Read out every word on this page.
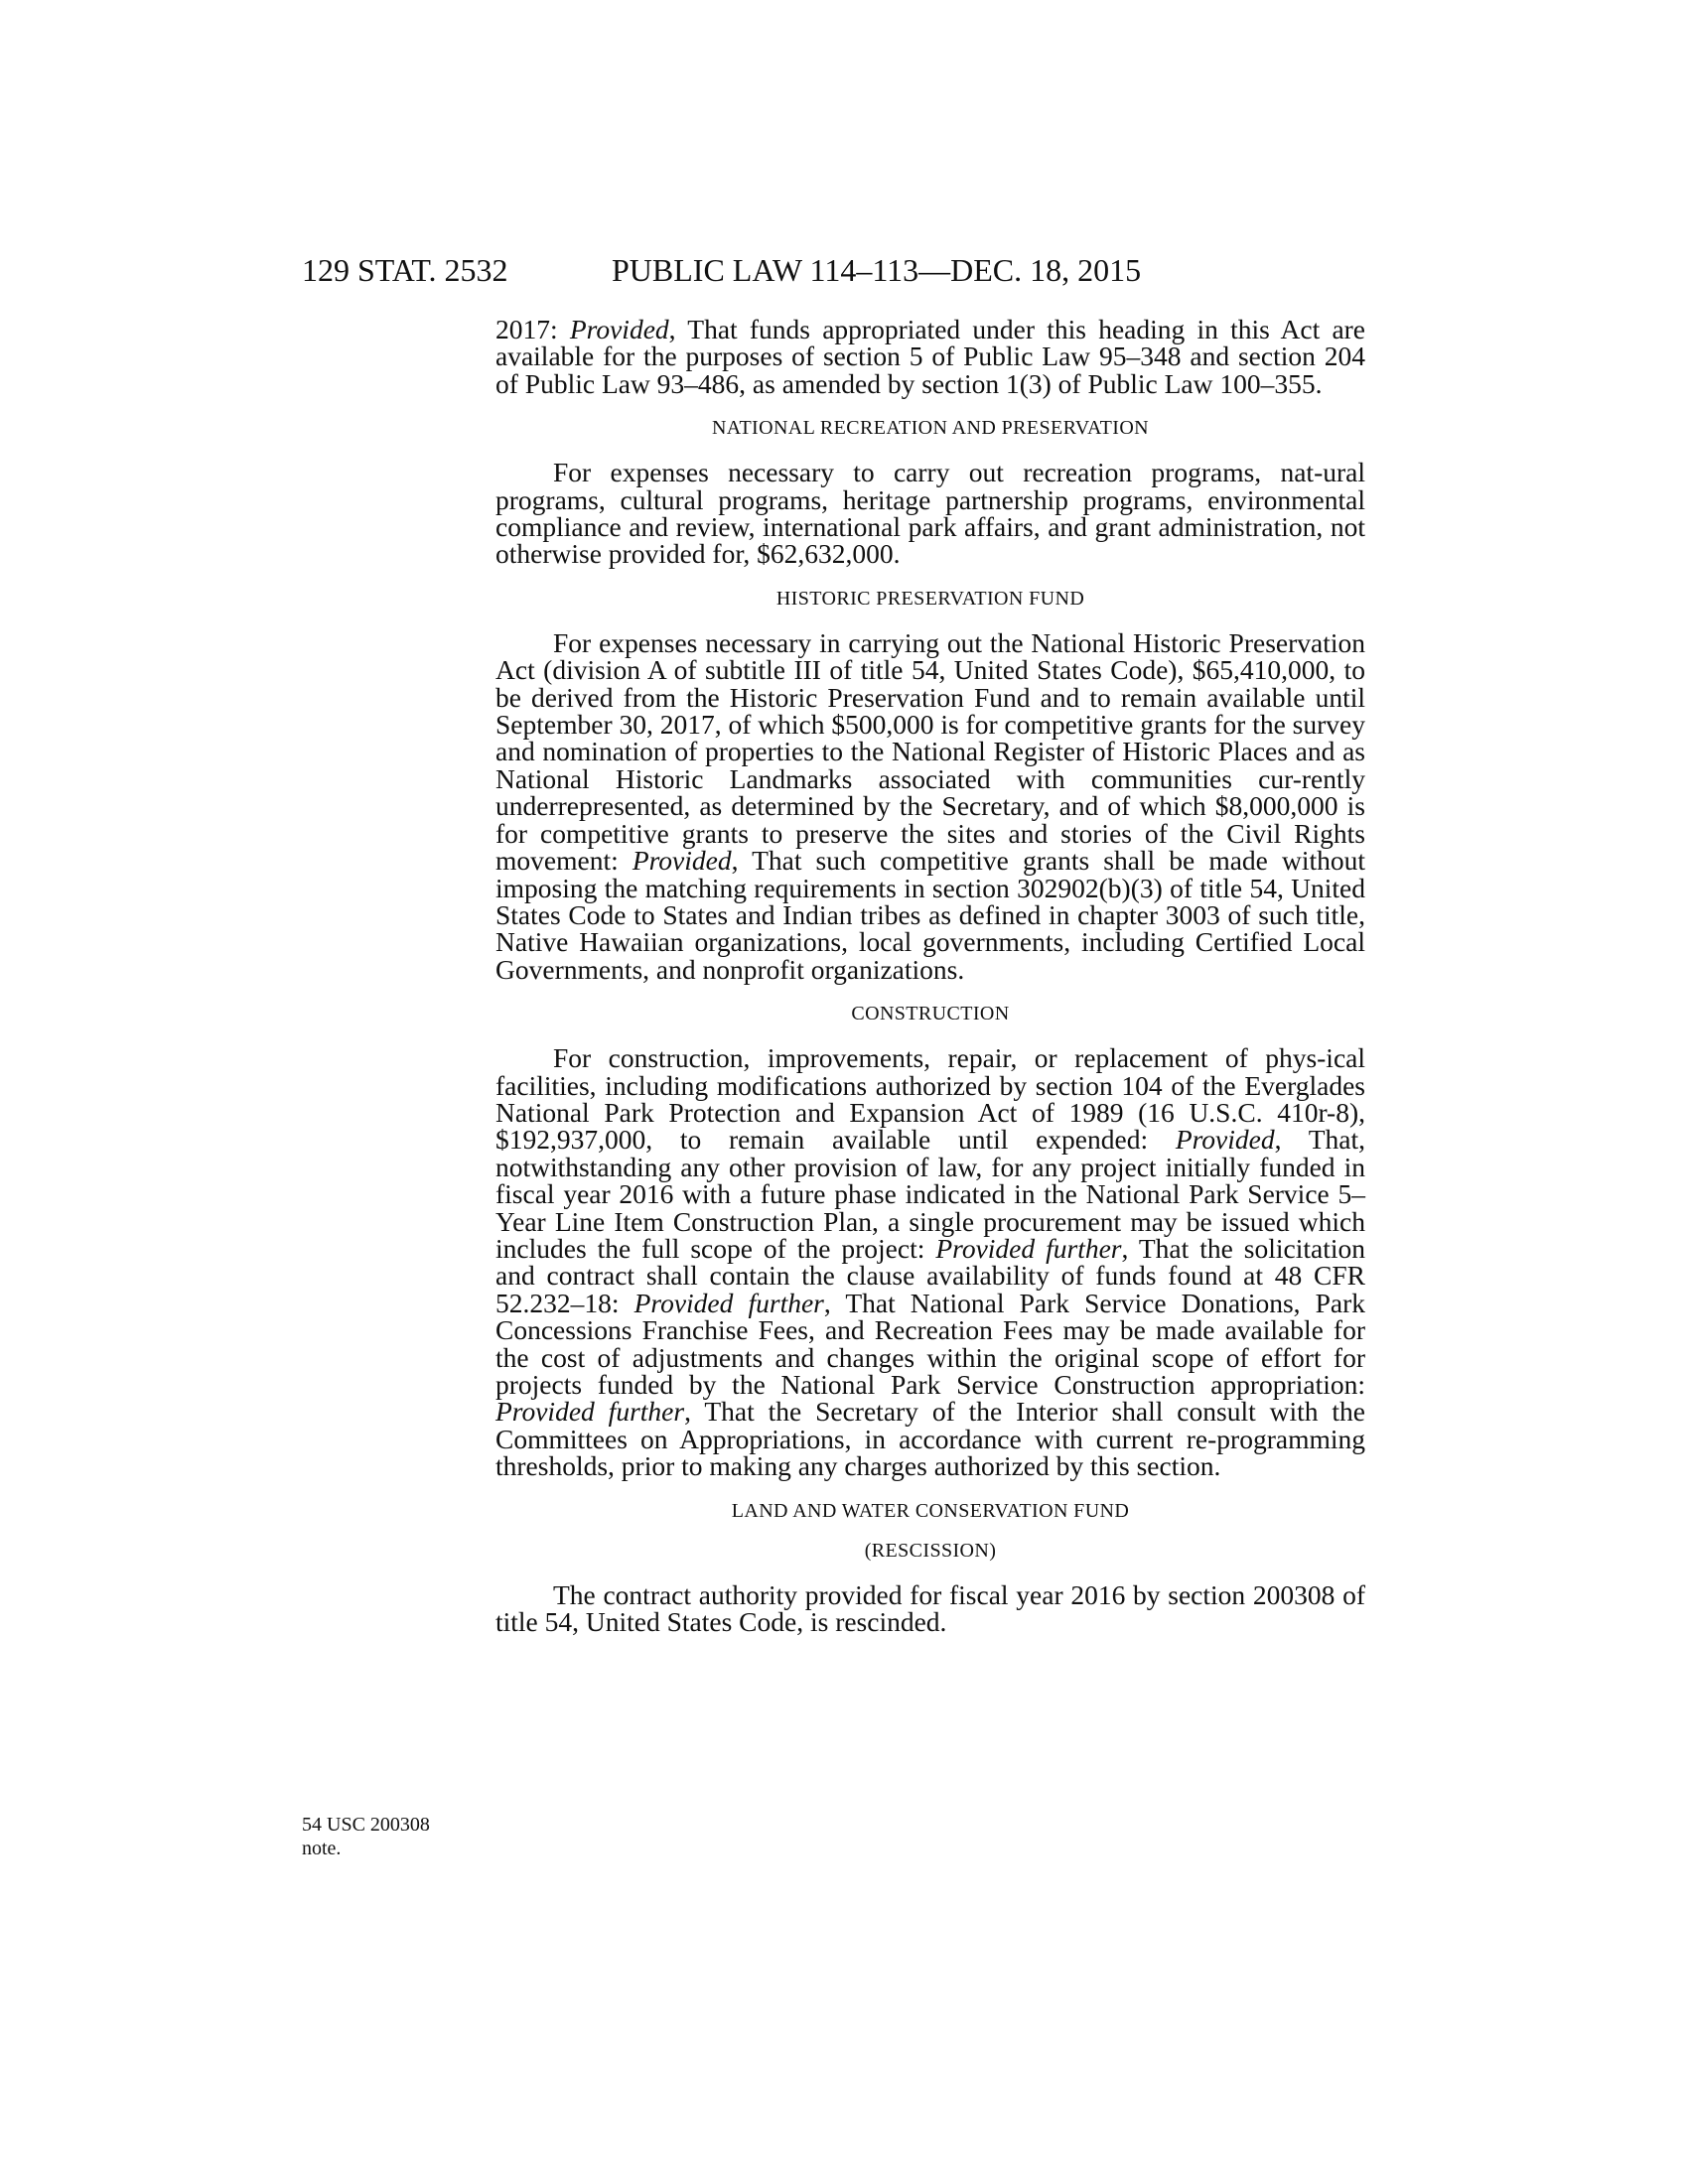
129 STAT. 2532	PUBLIC LAW 114–113—DEC. 18, 2015

2017: Provided, That funds appropriated under this heading in this Act are available for the purposes of section 5 of Public Law 95–348 and section 204 of Public Law 93–486, as amended by section 1(3) of Public Law 100–355.

NATIONAL RECREATION AND PRESERVATION

For expenses necessary to carry out recreation programs, nat-ural programs, cultural programs, heritage partnership programs, environmental compliance and review, international park affairs, and grant administration, not otherwise provided for, $62,632,000.

HISTORIC PRESERVATION FUND

For expenses necessary in carrying out the National Historic Preservation Act (division A of subtitle III of title 54, United States Code), $65,410,000, to be derived from the Historic Preservation Fund and to remain available until September 30, 2017, of which $500,000 is for competitive grants for the survey and nomination of properties to the National Register of Historic Places and as National Historic Landmarks associated with communities cur-rently underrepresented, as determined by the Secretary, and of which $8,000,000 is for competitive grants to preserve the sites and stories of the Civil Rights movement: Provided, That such competitive grants shall be made without imposing the matching requirements in section 302902(b)(3) of title 54, United States Code to States and Indian tribes as defined in chapter 3003 of such title, Native Hawaiian organizations, local governments, including Certified Local Governments, and nonprofit organizations.

CONSTRUCTION

For construction, improvements, repair, or replacement of phys-ical facilities, including modifications authorized by section 104 of the Everglades National Park Protection and Expansion Act of 1989 (16 U.S.C. 410r-8), $192,937,000, to remain available until expended: Provided, That, notwithstanding any other provision of law, for any project initially funded in fiscal year 2016 with a future phase indicated in the National Park Service 5–Year Line Item Construction Plan, a single procurement may be issued which includes the full scope of the project: Provided further, That the solicitation and contract shall contain the clause availability of funds found at 48 CFR 52.232–18: Provided further, That National Park Service Donations, Park Concessions Franchise Fees, and Recreation Fees may be made available for the cost of adjustments and changes within the original scope of effort for projects funded by the National Park Service Construction appropriation: Provided further, That the Secretary of the Interior shall consult with the Committees on Appropriations, in accordance with current re-programming thresholds, prior to making any charges authorized by this section.

LAND AND WATER CONSERVATION FUND
(RESCISSION)

The contract authority provided for fiscal year 2016 by section 200308 of title 54, United States Code, is rescinded.

54 USC 200308
note.
